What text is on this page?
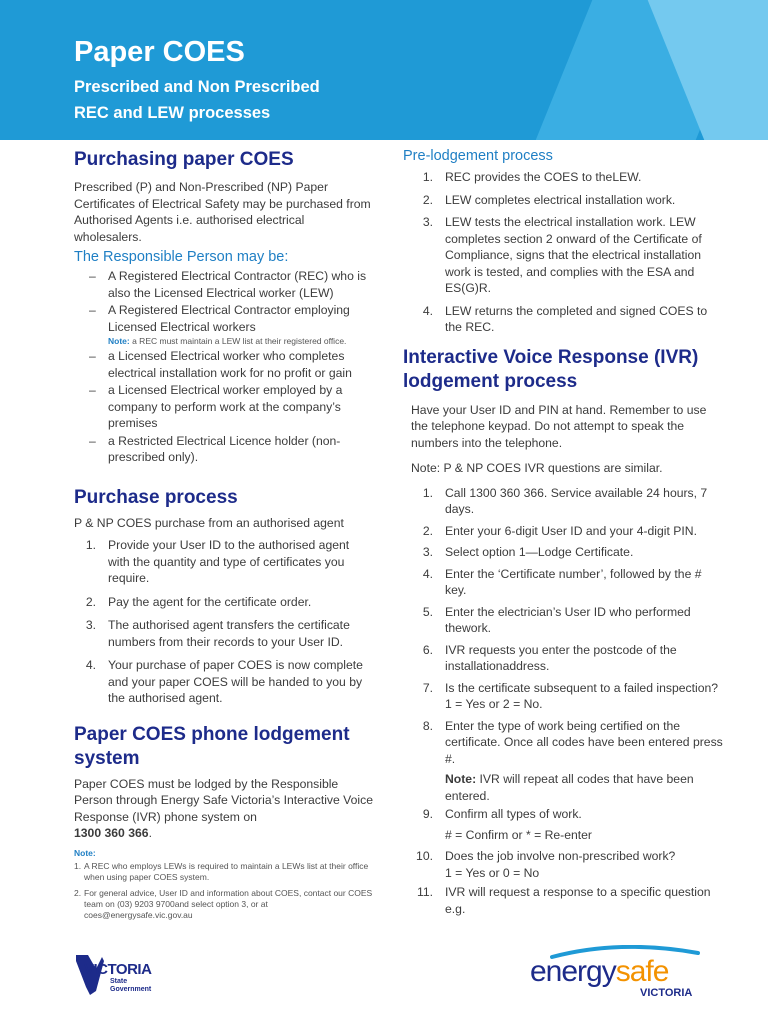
Paper COES
Prescribed and Non Prescribed
REC and LEW processes
Purchasing paper COES

Prescribed (P) and Non-Prescribed (NP) Paper Certificates of Electrical Safety may be purchased from Authorised Agents i.e. authorised electrical wholesalers.

The Responsible Person may be:
– A Registered Electrical Contractor (REC) who is also the Licensed Electrical worker (LEW)
– A Registered Electrical Contractor employing Licensed Electrical workers

Note: a REC must maintain a LEW list at their registered office.

– a Licensed Electrical worker who completes electrical installation work for no profit or gain
– a Licensed Electrical worker employed by a company to perform work at the company’s premises
– a Restricted Electrical Licence holder (non-prescribed only).
Purchase process

P & NP COES purchase from an authorised agent

1. Provide your User ID to the authorised agent with the quantity and type of certificates you require.
2. Pay the agent for the certificate order.
3. The authorised agent transfers the certificate numbers from their records to your User ID.
4. Your purchase of paper COES is now complete and your paper COES will be handed to you by the authorised agent.
Paper COES phone lodgement system

Paper COES must be lodged by the Responsible Person through Energy Safe Victoria’s Interactive Voice Response (IVR) phone system on
1300 360 366.

Note:

1. A REC who employs LEWs is required to maintain a LEWs list at their office when using paper COES system.
2. For general advice, User ID and information about COES, contact our COES team on (03) 9203 9700and select option 3, or at coes@energysafe.vic.gov.au
Pre-lodgement process
1. REC provides the COES to theLEW.
2. LEW completes electrical installation work.
3. LEW tests the electrical installation work. LEW completes section 2 onward of the Certificate of Compliance, signs that the electrical installation work is tested, and complies with the ESA and ES(G)R.
4. LEW returns the completed and signed COES to the REC.
Interactive Voice Response (IVR) lodgement process

Have your User ID and PIN at hand. Remember to use the telephone keypad. Do not attempt to speak the numbers into the telephone.

Note: P & NP COES IVR questions are similar.

1. Call 1300 360 366. Service available 24 hours, 7 days.
2. Enter your 6-digit User ID and your 4-digit PIN.
3. Select option 1—Lodge Certificate.
4. Enter the ‘Certificate number’, followed by the # key.
5. Enter the electrician’s User ID who performed thework.
6. IVR requests you enter the postcode of the installationaddress.
7. Is the certificate subsequent to a failed inspection?
1 = Yes or 2 = No.
8. Enter the type of work being certified on the certificate. Once all codes have been entered press #.
Note: IVR will repeat all codes that have been entered.
9. Confirm all types of work.
# = Confirm or * = Re-enter
10. Does the job involve non-prescribed work?
1 = Yes or 0 = No
11. IVR will request a response to a specific question e.g.
VICTORIA
State
Government
energysafe
VICTORIA
